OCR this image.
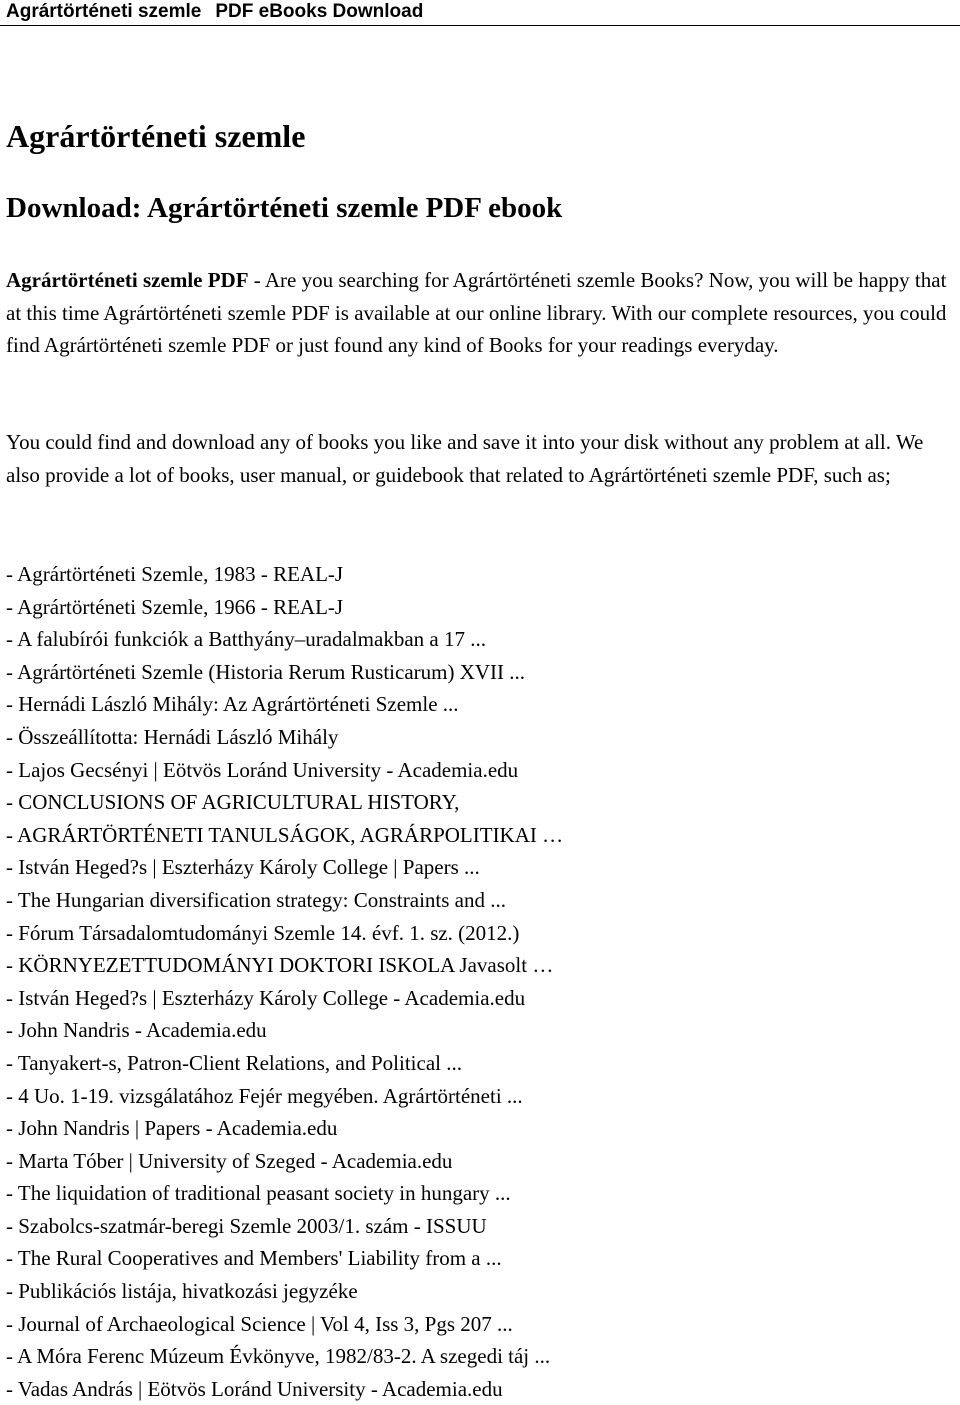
Agrártörténeti szemle PDF eBooks Download
Agrártörténeti szemle
Download: Agrártörténeti szemle PDF ebook

Agrártörténeti szemle PDF - Are you searching for Agrártörténeti szemle Books? Now, you will be happy that at this time Agrártörténeti szemle PDF is available at our online library. With our complete resources, you could find Agrártörténeti szemle PDF or just found any kind of Books for your readings everyday.

You could find and download any of books you like and save it into your disk without any problem at all. We also provide a lot of books, user manual, or guidebook that related to Agrártörténeti szemle PDF, such as;

- Agrártörténeti Szemle, 1983 - REAL-J
- Agrártörténeti Szemle, 1966 - REAL-J
- A falubírói funkciók a Batthyány–uradalmakban a 17 ...
- Agrártörténeti Szemle (Historia Rerum Rusticarum) XVII ...
- Hernádi László Mihály: Az Agrártörténeti Szemle ...
- Összeállította: Hernádi László Mihály
- Lajos Gecsényi | Eötvös Loránd University - Academia.edu
- CONCLUSIONS OF AGRICULTURAL HISTORY,
- AGRÁRTÖRTÉNETI TANULSÁGOK, AGRÁRPOLITIKAI …
- István Heged?s | Eszterházy Károly College | Papers ...
- The Hungarian diversification strategy: Constraints and ...
- Fórum Társadalomtudományi Szemle 14. évf. 1. sz. (2012.)
- KÖRNYEZETTUDOMÁNYI DOKTORI ISKOLA Javasolt …
- István Heged?s | Eszterházy Károly College - Academia.edu
- John Nandris - Academia.edu
- Tanyakert-s, Patron-Client Relations, and Political ...
- 4 Uo. 1-19. vizsgálatához Fejér megyében. Agrártörténeti ...
- John Nandris | Papers - Academia.edu
- Marta Tóber | University of Szeged - Academia.edu
- The liquidation of traditional peasant society in hungary ...
- Szabolcs-szatmár-beregi Szemle 2003/1. szám - ISSUU
- The Rural Cooperatives and Members' Liability from a ...
- Publikációs listája, hivatkozási jegyzéke
- Journal of Archaeological Science | Vol 4, Iss 3, Pgs 207 ...
- A Móra Ferenc Múzeum Évkönyve, 1982/83-2. A szegedi táj ...
- Vadas András | Eötvös Loránd University - Academia.edu
